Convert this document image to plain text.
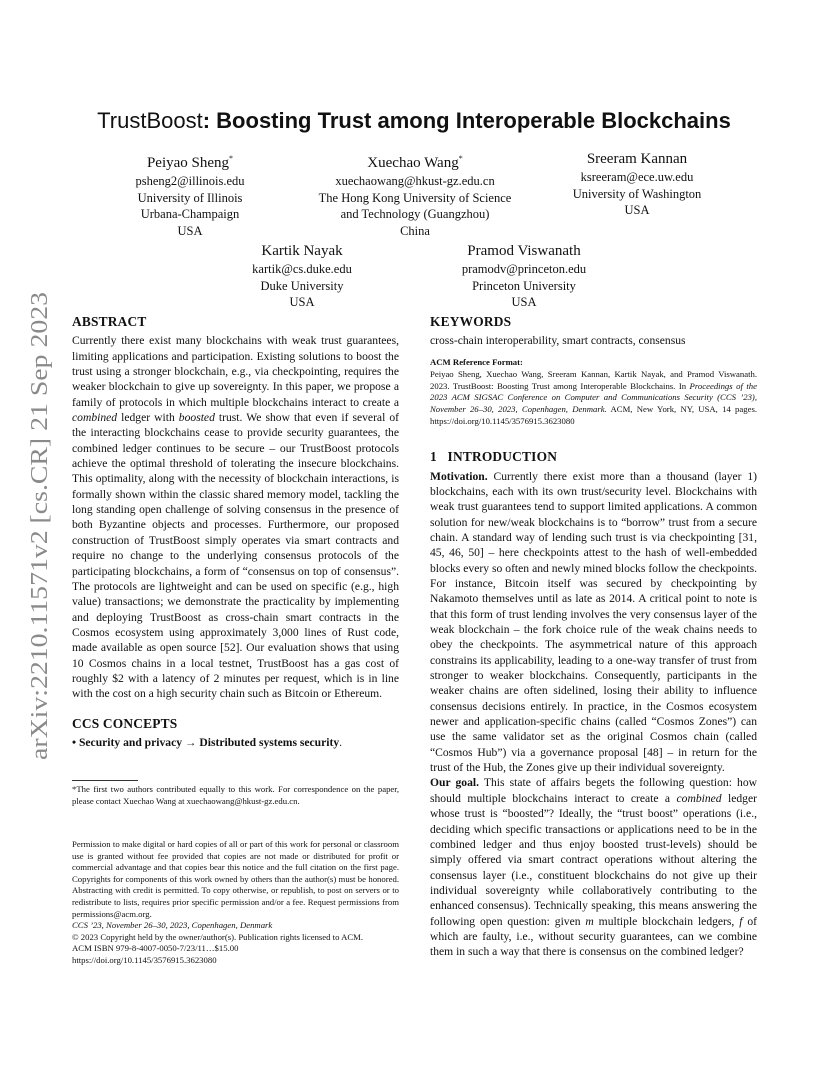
arXiv:2210.11571v2 [cs.CR] 21 Sep 2023
TrustBoost: Boosting Trust among Interoperable Blockchains
Peiyao Sheng*
psheng2@illinois.edu
University of Illinois
Urbana-Champaign
USA
Xuechao Wang*
xuechaowang@hkust-gz.edu.cn
The Hong Kong University of Science
and Technology (Guangzhou)
China
Sreeram Kannan
ksreeram@ece.uw.edu
University of Washington
USA
Kartik Nayak
kartik@cs.duke.edu
Duke University
USA
Pramod Viswanath
pramodv@princeton.edu
Princeton University
USA
ABSTRACT

Currently there exist many blockchains with weak trust guarantees, limiting applications and participation. Existing solutions to boost the trust using a stronger blockchain, e.g., via checkpointing, requires the weaker blockchain to give up sovereignty. In this paper, we propose a family of protocols in which multiple blockchains interact to create a combined ledger with boosted trust. We show that even if several of the interacting blockchains cease to provide security guarantees, the combined ledger continues to be secure – our TrustBoost protocols achieve the optimal threshold of tolerating the insecure blockchains. This optimality, along with the necessity of blockchain interactions, is formally shown within the classic shared memory model, tackling the long standing open challenge of solving consensus in the presence of both Byzantine objects and processes. Furthermore, our proposed construction of TrustBoost simply operates via smart contracts and require no change to the underlying consensus protocols of the participating blockchains, a form of “consensus on top of consensus”. The protocols are lightweight and can be used on specific (e.g., high value) transactions; we demonstrate the practicality by implementing and deploying TrustBoost as cross-chain smart contracts in the Cosmos ecosystem using approximately 3,000 lines of Rust code, made available as open source [52]. Our evaluation shows that using 10 Cosmos chains in a local testnet, TrustBoost has a gas cost of roughly $2 with a latency of 2 minutes per request, which is in line with the cost on a high security chain such as Bitcoin or Ethereum.

CCS CONCEPTS

• Security and privacy → Distributed systems security.

*The first two authors contributed equally to this work. For correspondence on the paper, please contact Xuechao Wang at xuechaowang@hkust-gz.edu.cn.

Permission to make digital or hard copies of all or part of this work for personal or classroom use is granted without fee provided that copies are not made or distributed for profit or commercial advantage and that copies bear this notice and the full citation on the first page. Copyrights for components of this work owned by others than the author(s) must be honored. Abstracting with credit is permitted. To copy otherwise, or republish, to post on servers or to redistribute to lists, requires prior specific permission and/or a fee. Request permissions from permissions@acm.org.

CCS ’23, November 26–30, 2023, Copenhagen, Denmark

© 2023 Copyright held by the owner/author(s). Publication rights licensed to ACM.

ACM ISBN 979-8-4007-0050-7/23/11…$15.00

https://doi.org/10.1145/3576915.3623080

KEYWORDS

cross-chain interoperability, smart contracts, consensus

ACM Reference Format:

Peiyao Sheng, Xuechao Wang, Sreeram Kannan, Kartik Nayak, and Pramod Viswanath. 2023. TrustBoost: Boosting Trust among Interoperable Blockchains. In Proceedings of the 2023 ACM SIGSAC Conference on Computer and Communications Security (CCS ’23), November 26–30, 2023, Copenhagen, Denmark. ACM, New York, NY, USA, 14 pages. https://doi.org/10.1145/3576915.3623080

1   INTRODUCTION

Motivation. Currently there exist more than a thousand (layer 1) blockchains, each with its own trust/security level. Blockchains with weak trust guarantees tend to support limited applications. A common solution for new/weak blockchains is to “borrow” trust from a secure chain. A standard way of lending such trust is via checkpointing [31, 45, 46, 50] – here checkpoints attest to the hash of well-embedded blocks every so often and newly mined blocks follow the checkpoints. For instance, Bitcoin itself was secured by checkpointing by Nakamoto themselves until as late as 2014. A critical point to note is that this form of trust lending involves the very consensus layer of the weak blockchain – the fork choice rule of the weak chains needs to obey the checkpoints. The asymmetrical nature of this approach constrains its applicability, leading to a one-way transfer of trust from stronger to weaker blockchains. Consequently, participants in the weaker chains are often sidelined, losing their ability to influence consensus decisions entirely. In practice, in the Cosmos ecosystem newer and application-specific chains (called “Cosmos Zones”) can use the same validator set as the original Cosmos chain (called “Cosmos Hub”) via a governance proposal [48] – in return for the trust of the Hub, the Zones give up their individual sovereignty.

Our goal. This state of affairs begets the following question: how should multiple blockchains interact to create a combined ledger whose trust is “boosted”? Ideally, the “trust boost” operations (i.e., deciding which specific transactions or applications need to be in the combined ledger and thus enjoy boosted trust-levels) should be simply offered via smart contract operations without altering the consensus layer (i.e., constituent blockchains do not give up their individual sovereignty while collaboratively contributing to the enhanced consensus). Technically speaking, this means answering the following open question: given m multiple blockchain ledgers, f of which are faulty, i.e., without security guarantees, can we combine them in such a way that there is consensus on the combined ledger?
